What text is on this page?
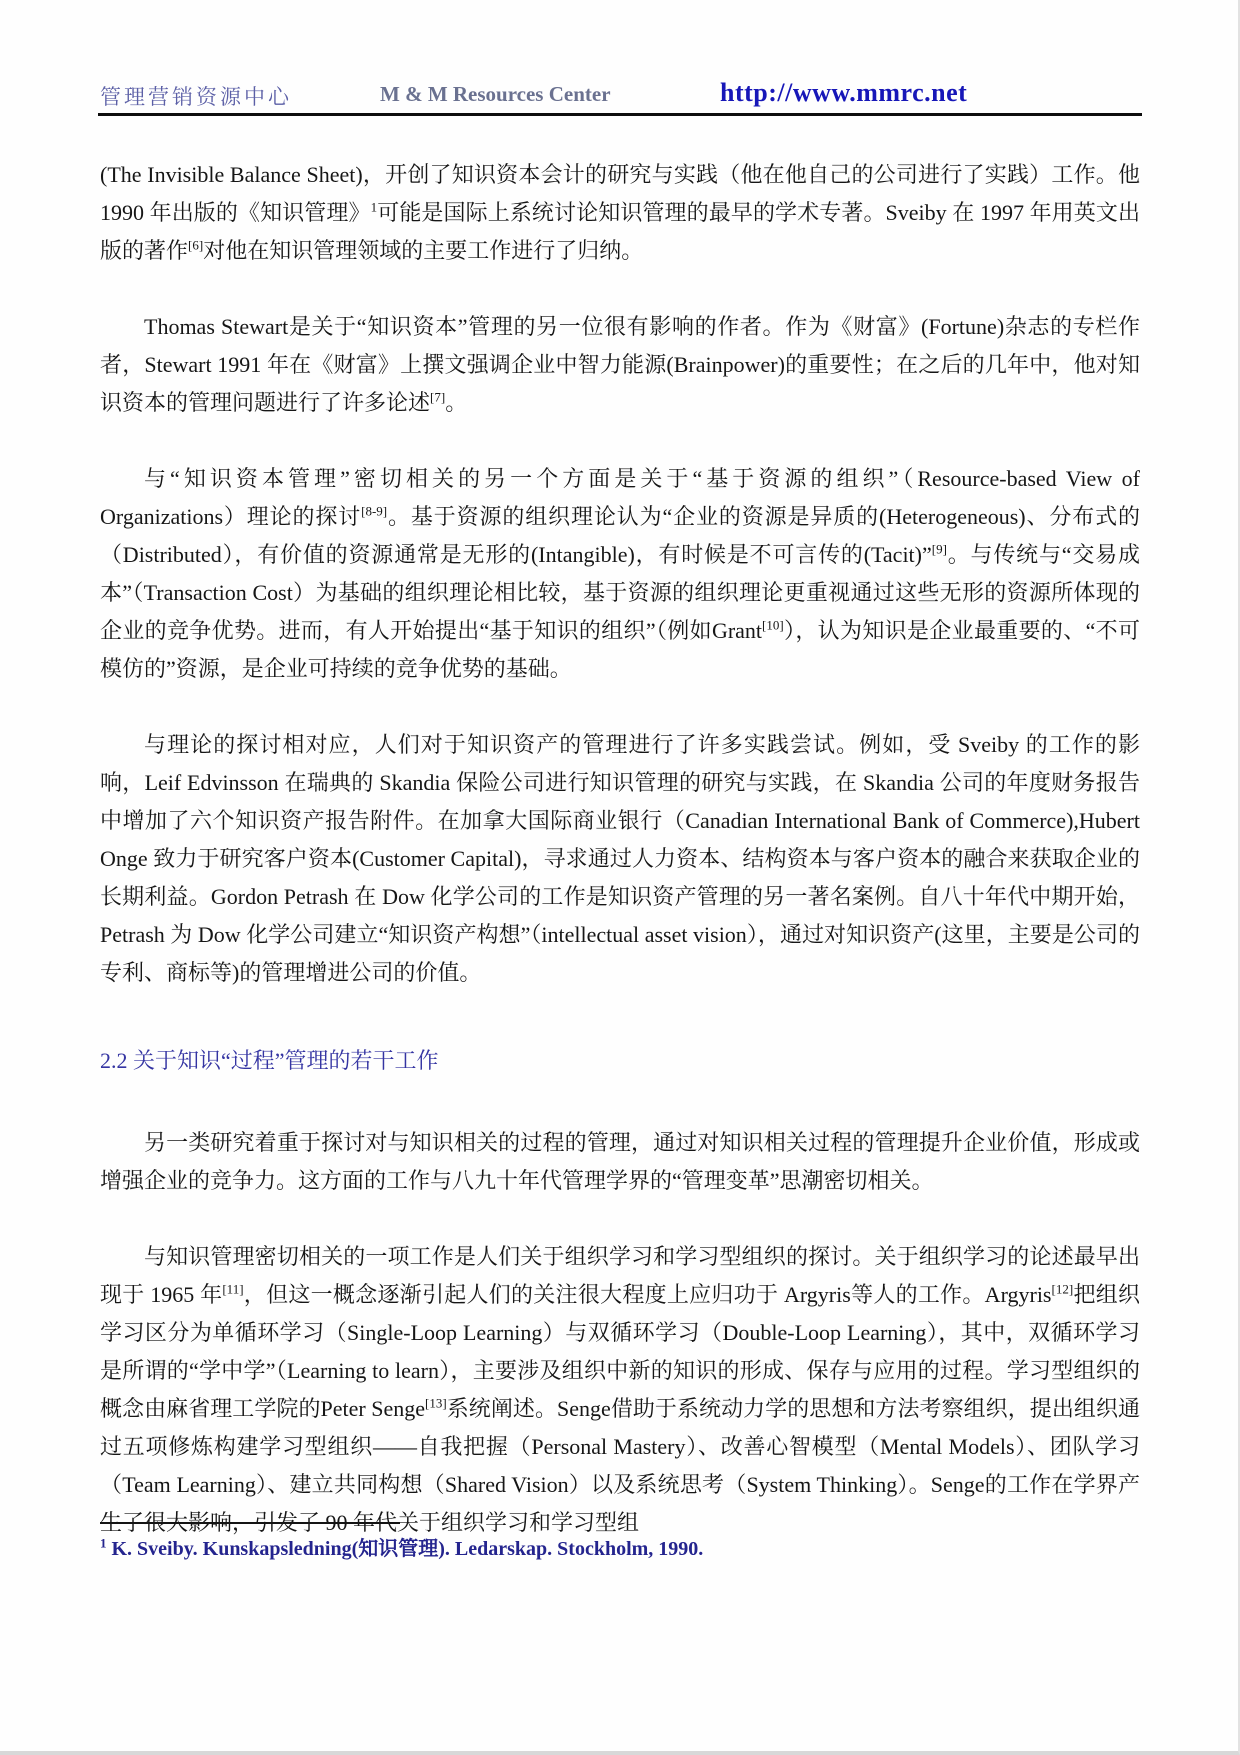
管理营销资源中心	M & M Resources Center	http://www.mmrc.net

(The Invisible Balance Sheet)，开创了知识资本会计的研究与实践（他在他自己的公司进行了实践）工作。他 1990 年出版的《知识管理》$^1$可能是国际上系统讨论知识管理的最早的学术专著。Sveiby 在 1997 年用英文出版的著作[6]对他在知识管理领域的主要工作进行了归纳。

Thomas Stewart是关于“知识资本”管理的另一位很有影响的作者。作为《财富》(Fortune)杂志的专栏作者，Stewart 1991 年在《财富》上撰文强调企业中智力能源(Brainpower)的重要性；在之后的几年中，他对知识资本的管理问题进行了许多论述[7]。

与“知识资本管理”密切相关的另一个方面是关于“基于资源的组织”（Resource-based View of Organizations）理论的探讨[8-9]。基于资源的组织理论认为“企业的资源是异质的(Heterogeneous)、分布式的（Distributed），有价值的资源通常是无形的(Intangible)，有时候是不可言传的(Tacit)”[9]。与传统与“交易成本”（Transaction Cost）为基础的组织理论相比较，基于资源的组织理论更重视通过这些无形的资源所体现的企业的竞争优势。进而，有人开始提出“基于知识的组织”（例如Grant[10]），认为知识是企业最重要的、“不可模仿的”资源，是企业可持续的竞争优势的基础。

与理论的探讨相对应，人们对于知识资产的管理进行了许多实践尝试。例如，受 Sveiby 的工作的影响，Leif Edvinsson 在瑞典的 Skandia 保险公司进行知识管理的研究与实践，在 Skandia 公司的年度财务报告中增加了六个知识资产报告附件。在加拿大国际商业银行（Canadian International Bank of Commerce),Hubert Onge 致力于研究客户资本(Customer Capital)，寻求通过人力资本、结构资本与客户资本的融合来获取企业的长期利益。Gordon Petrash 在 Dow 化学公司的工作是知识资产管理的另一著名案例。自八十年代中期开始，Petrash 为 Dow 化学公司建立“知识资产构想”（intellectual asset vision），通过对知识资产(这里，主要是公司的专利、商标等)的管理增进公司的价值。

2.2 关于知识“过程”管理的若干工作

另一类研究着重于探讨对与知识相关的过程的管理，通过对知识相关过程的管理提升企业价值，形成或增强企业的竞争力。这方面的工作与八九十年代管理学界的“管理变革”思潮密切相关。

与知识管理密切相关的一项工作是人们关于组织学习和学习型组织的探讨。关于组织学习的论述最早出现于 1965 年[11]，但这一概念逐渐引起人们的关注很大程度上应归功于 Argyris等人的工作。Argyris[12]把组织学习区分为单循环学习（Single-Loop Learning）与双循环学习（Double-Loop Learning），其中，双循环学习是所谓的“学中学”（Learning to learn），主要涉及组织中新的知识的形成、保存与应用的过程。学习型组织的概念由麻省理工学院的Peter Senge[13]系统阐述。Senge借助于系统动力学的思想和方法考察组织，提出组织通过五项修炼构建学习型组织——自我把握（Personal Mastery）、改善心智模型（Mental Models）、团队学习（Team Learning）、建立共同构想（Shared Vision）以及系统思考（System Thinking）。Senge的工作在学界产生了很大影响，引发了 90 年代关于组织学习和学习型组

$^1$ K. Sveiby. Kunskapsledning(知识管理). Ledarskap. Stockholm, 1990.
